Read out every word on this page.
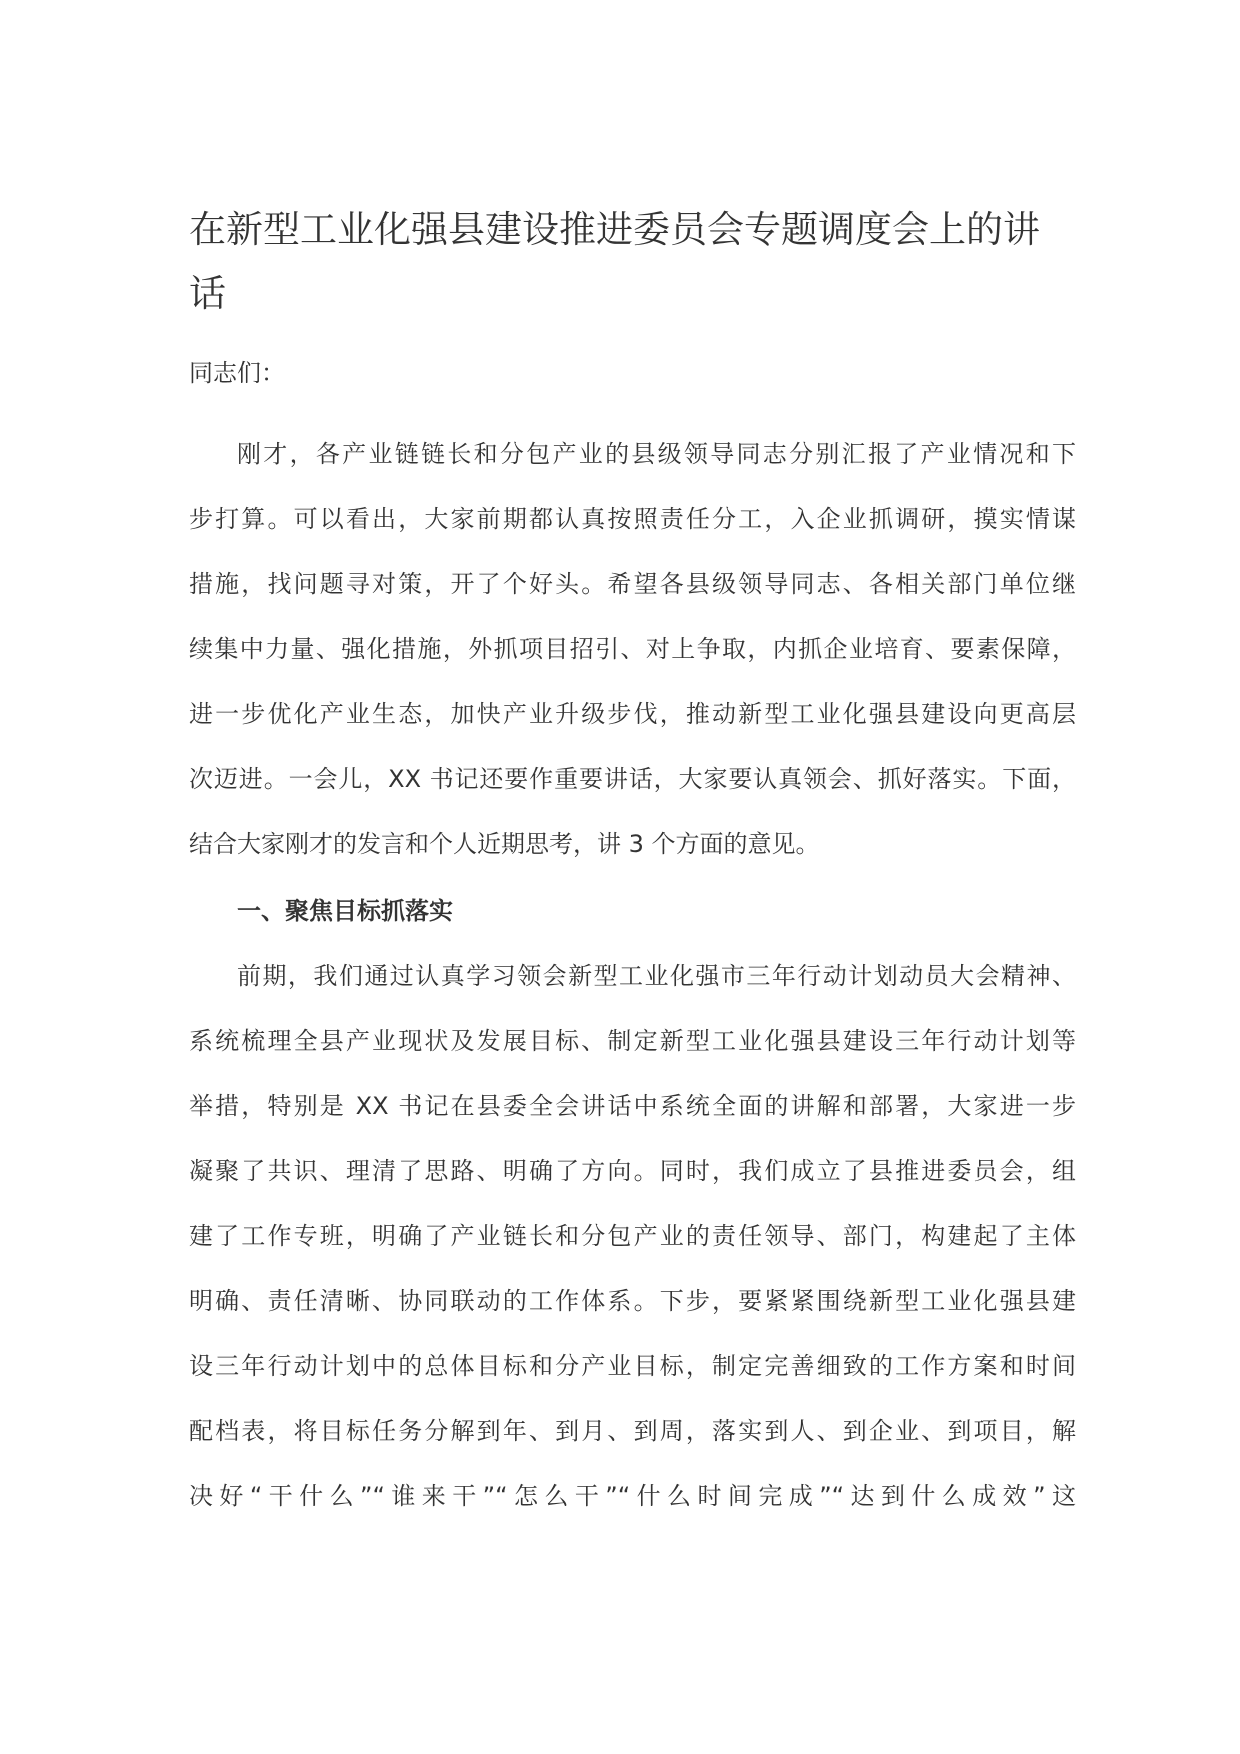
在新型工业化强县建设推进委员会专题调度会上的讲
话
同志们：
刚才，各产业链链长和分包产业的县级领导同志分别汇报了产业情况和下
步打算。可以看出，大家前期都认真按照责任分工，入企业抓调研，摸实情谋
措施，找问题寻对策，开了个好头。希望各县级领导同志、各相关部门单位继
续集中力量、强化措施，外抓项目招引、对上争取，内抓企业培育、要素保障，
进一步优化产业生态，加快产业升级步伐，推动新型工业化强县建设向更高层
次迈进。一会儿，XX 书记还要作重要讲话，大家要认真领会、抓好落实。下面，
结合大家刚才的发言和个人近期思考，讲 3 个方面的意见。
一、聚焦目标抓落实
前期，我们通过认真学习领会新型工业化强市三年行动计划动员大会精神、
系统梳理全县产业现状及发展目标、制定新型工业化强县建设三年行动计划等
举措，特别是 XX 书记在县委全会讲话中系统全面的讲解和部署，大家进一步
凝聚了共识、理清了思路、明确了方向。同时，我们成立了县推进委员会，组
建了工作专班，明确了产业链长和分包产业的责任领导、部门，构建起了主体
明确、责任清晰、协同联动的工作体系。下步，要紧紧围绕新型工业化强县建
设三年行动计划中的总体目标和分产业目标，制定完善细致的工作方案和时间
配档表，将目标任务分解到年、到月、到周，落实到人、到企业、到项目，解
决好“干什么”“谁来干”“怎么干”“什么时间完成”“达到什么成效”这
